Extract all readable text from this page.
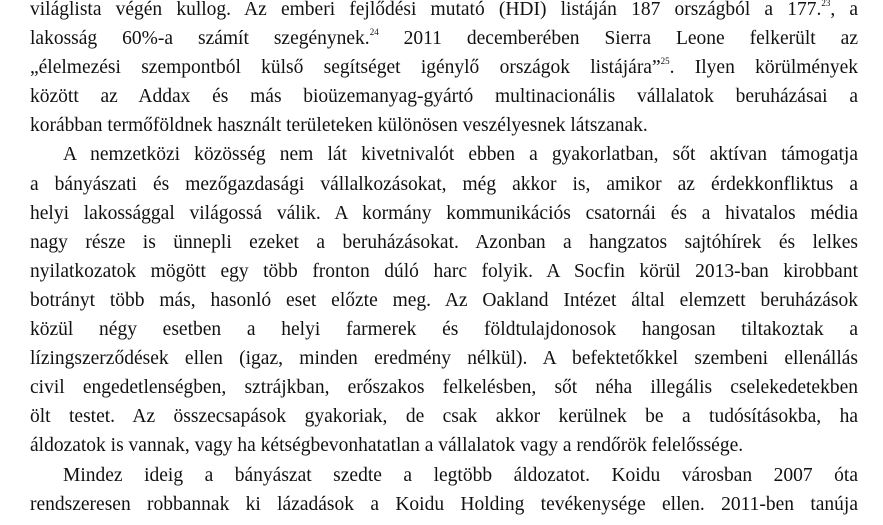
világlista végén kullog. Az emberi fejlődési mutató (HDI) listáján 187 országból a 177.23, a
lakosság 60%-a számít szegénynek.$^{24}$ 2011 decemberében Sierra Leone felkerült az
„élelmezési szempontból külső segítséget igénylő országok listájára”$^{25}$. Ilyen körülmények
között az Addax és más bioüzemanyag-gyártó multinacionális vállalatok beruházásai a
korábban termőföldnek használt területeken különösen veszélyesnek látszanak.
A nemzetközi közösség nem lát kivetnivalót ebben a gyakorlatban, sőt aktívan támogatja
a bányászati és mezőgazdasági vállalkozásokat, még akkor is, amikor az érdekkonfliktus a
helyi lakossággal világossá válik. A kormány kommunikációs csatornái és a hivatalos média
nagy része is ünnepli ezeket a beruházásokat. Azonban a hangzatos sajtóhírek és lelkes
nyilatkozatok mögött egy több fronton dúló harc folyik. A Socfin körül 2013-ban kirobbant
botrányt több más, hasonló eset előzte meg. Az Oakland Intézet által elemzett beruházások
közül négy esetben a helyi farmerek és földtulajdonosok hangosan tiltakoztak a
lízingszerződések ellen (igaz, minden eredmény nélkül). A befektetőkkel szembeni ellenállás
civil engedetlenségben, sztrájkban, erőszakos felkelésben, sőt néha illegális cselekedetekben
ölt testet. Az összecsapások gyakoriak, de csak akkor kerülnek be a tudósításokba, ha
áldozatok is vannak, vagy ha kétségbevonhatatlan a vállalatok vagy a rendőrök felelőssége.
Mindez ideig a bányászat szedte a legtöbb áldozatot. Koidu városban 2007 óta
rendszeresen robbannak ki lázadások a Koidu Holding tevékenysége ellen. 2011-ben tanúja
